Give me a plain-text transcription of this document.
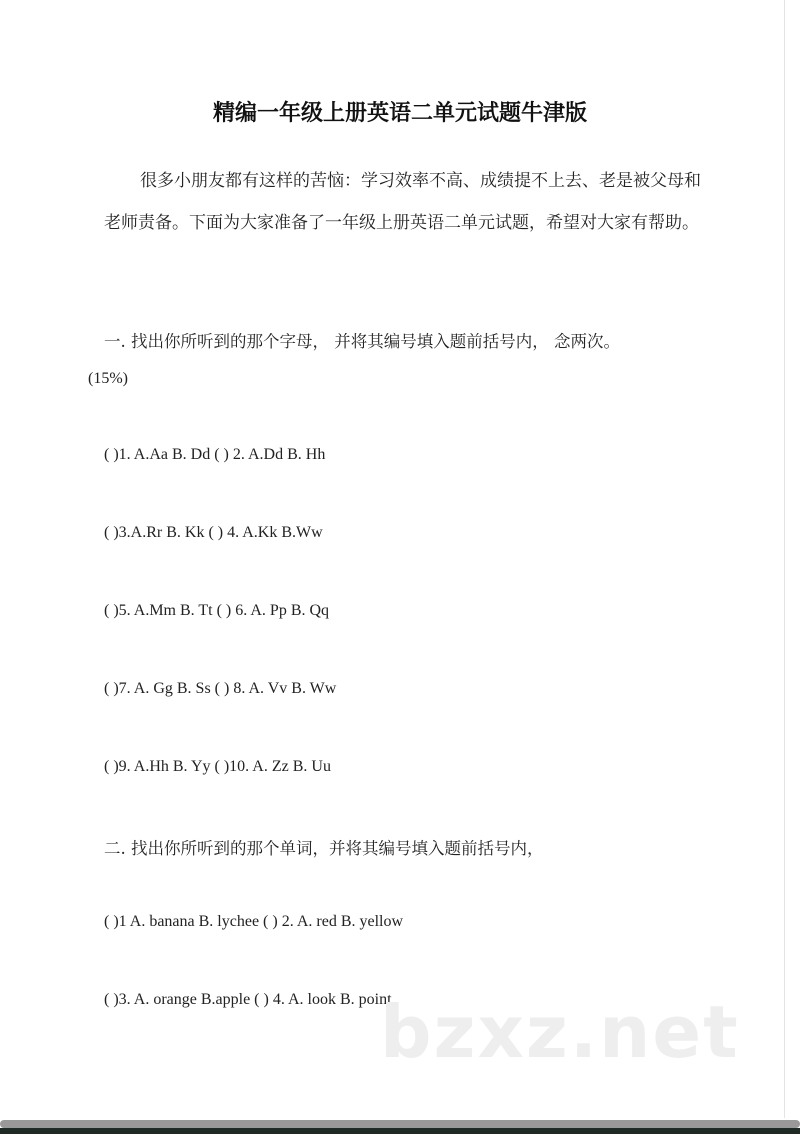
精编一年级上册英语二单元试题牛津版
很多小朋友都有这样的苦恼：学习效率不高、成绩提不上去、老是被父母和老师责备。下面为大家准备了一年级上册英语二单元试题，希望对大家有帮助。
一. 找出你所听到的那个字母， 并将其编号填入题前括号内， 念两次。
(15%)
( )1. A.Aa B. Dd ( ) 2. A.Dd B. Hh
( )3.A.Rr B. Kk ( ) 4. A.Kk B.Ww
( )5. A.Mm B. Tt ( ) 6. A. Pp B. Qq
( )7. A. Gg B. Ss ( ) 8. A. Vv B. Ww
( )9. A.Hh B. Yy ( )10. A. Zz B. Uu
二. 找出你所听到的那个单词，并将其编号填入题前括号内，
( )1 A. banana B. lychee ( ) 2. A. red B. yellow
( )3. A. orange B.apple ( ) 4. A. look B. point
bzxz.net
